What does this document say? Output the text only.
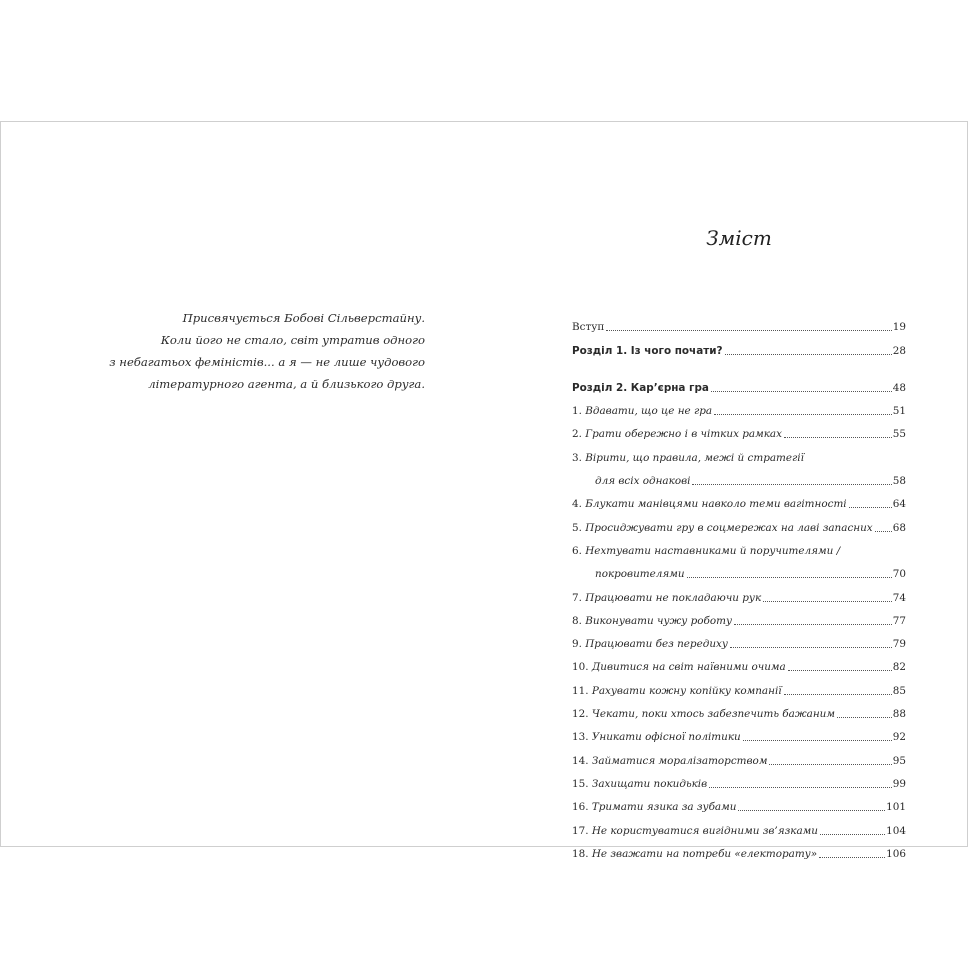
Присвячується Бобові Сільверстайну.
Коли його не стало, світ утратив одного
з небагатьох феміністів... а я — не лише чудового
літературного агента, а й близького друга.
Зміст
Вступ	19
Розділ 1. Із чого почати?	28
Розділ 2. Кар’єрна гра	48
1. Вдавати, що це не гра	51
2. Грати обережно і в чітких рамках	55
3. Вірити, що правила, межі й стратегії
для всіх однакові	58
4. Блукати манівцями навколо теми вагітності	64
5. Просиджувати гру в соцмережах на лаві запасних 68
6. Нехтувати наставниками й поручителями /
покровителями	70
7. Працювати не покладаючи рук	74
8. Виконувати чужу роботу	77
9. Працювати без передиху	79
10. Дивитися на світ наївними очима	82
11. Рахувати кожну копійку компанії	85
12. Чекати, поки хтось забезпечить бажаним	88
13. Уникати офісної політики	92
14. Займатися моралізаторством	95
15. Захищати покидьків	99
16. Тримати язика за зубами	101
17. Не користуватися вигідними зв’язками	104
18. Не зважати на потреби «електорату»	106
